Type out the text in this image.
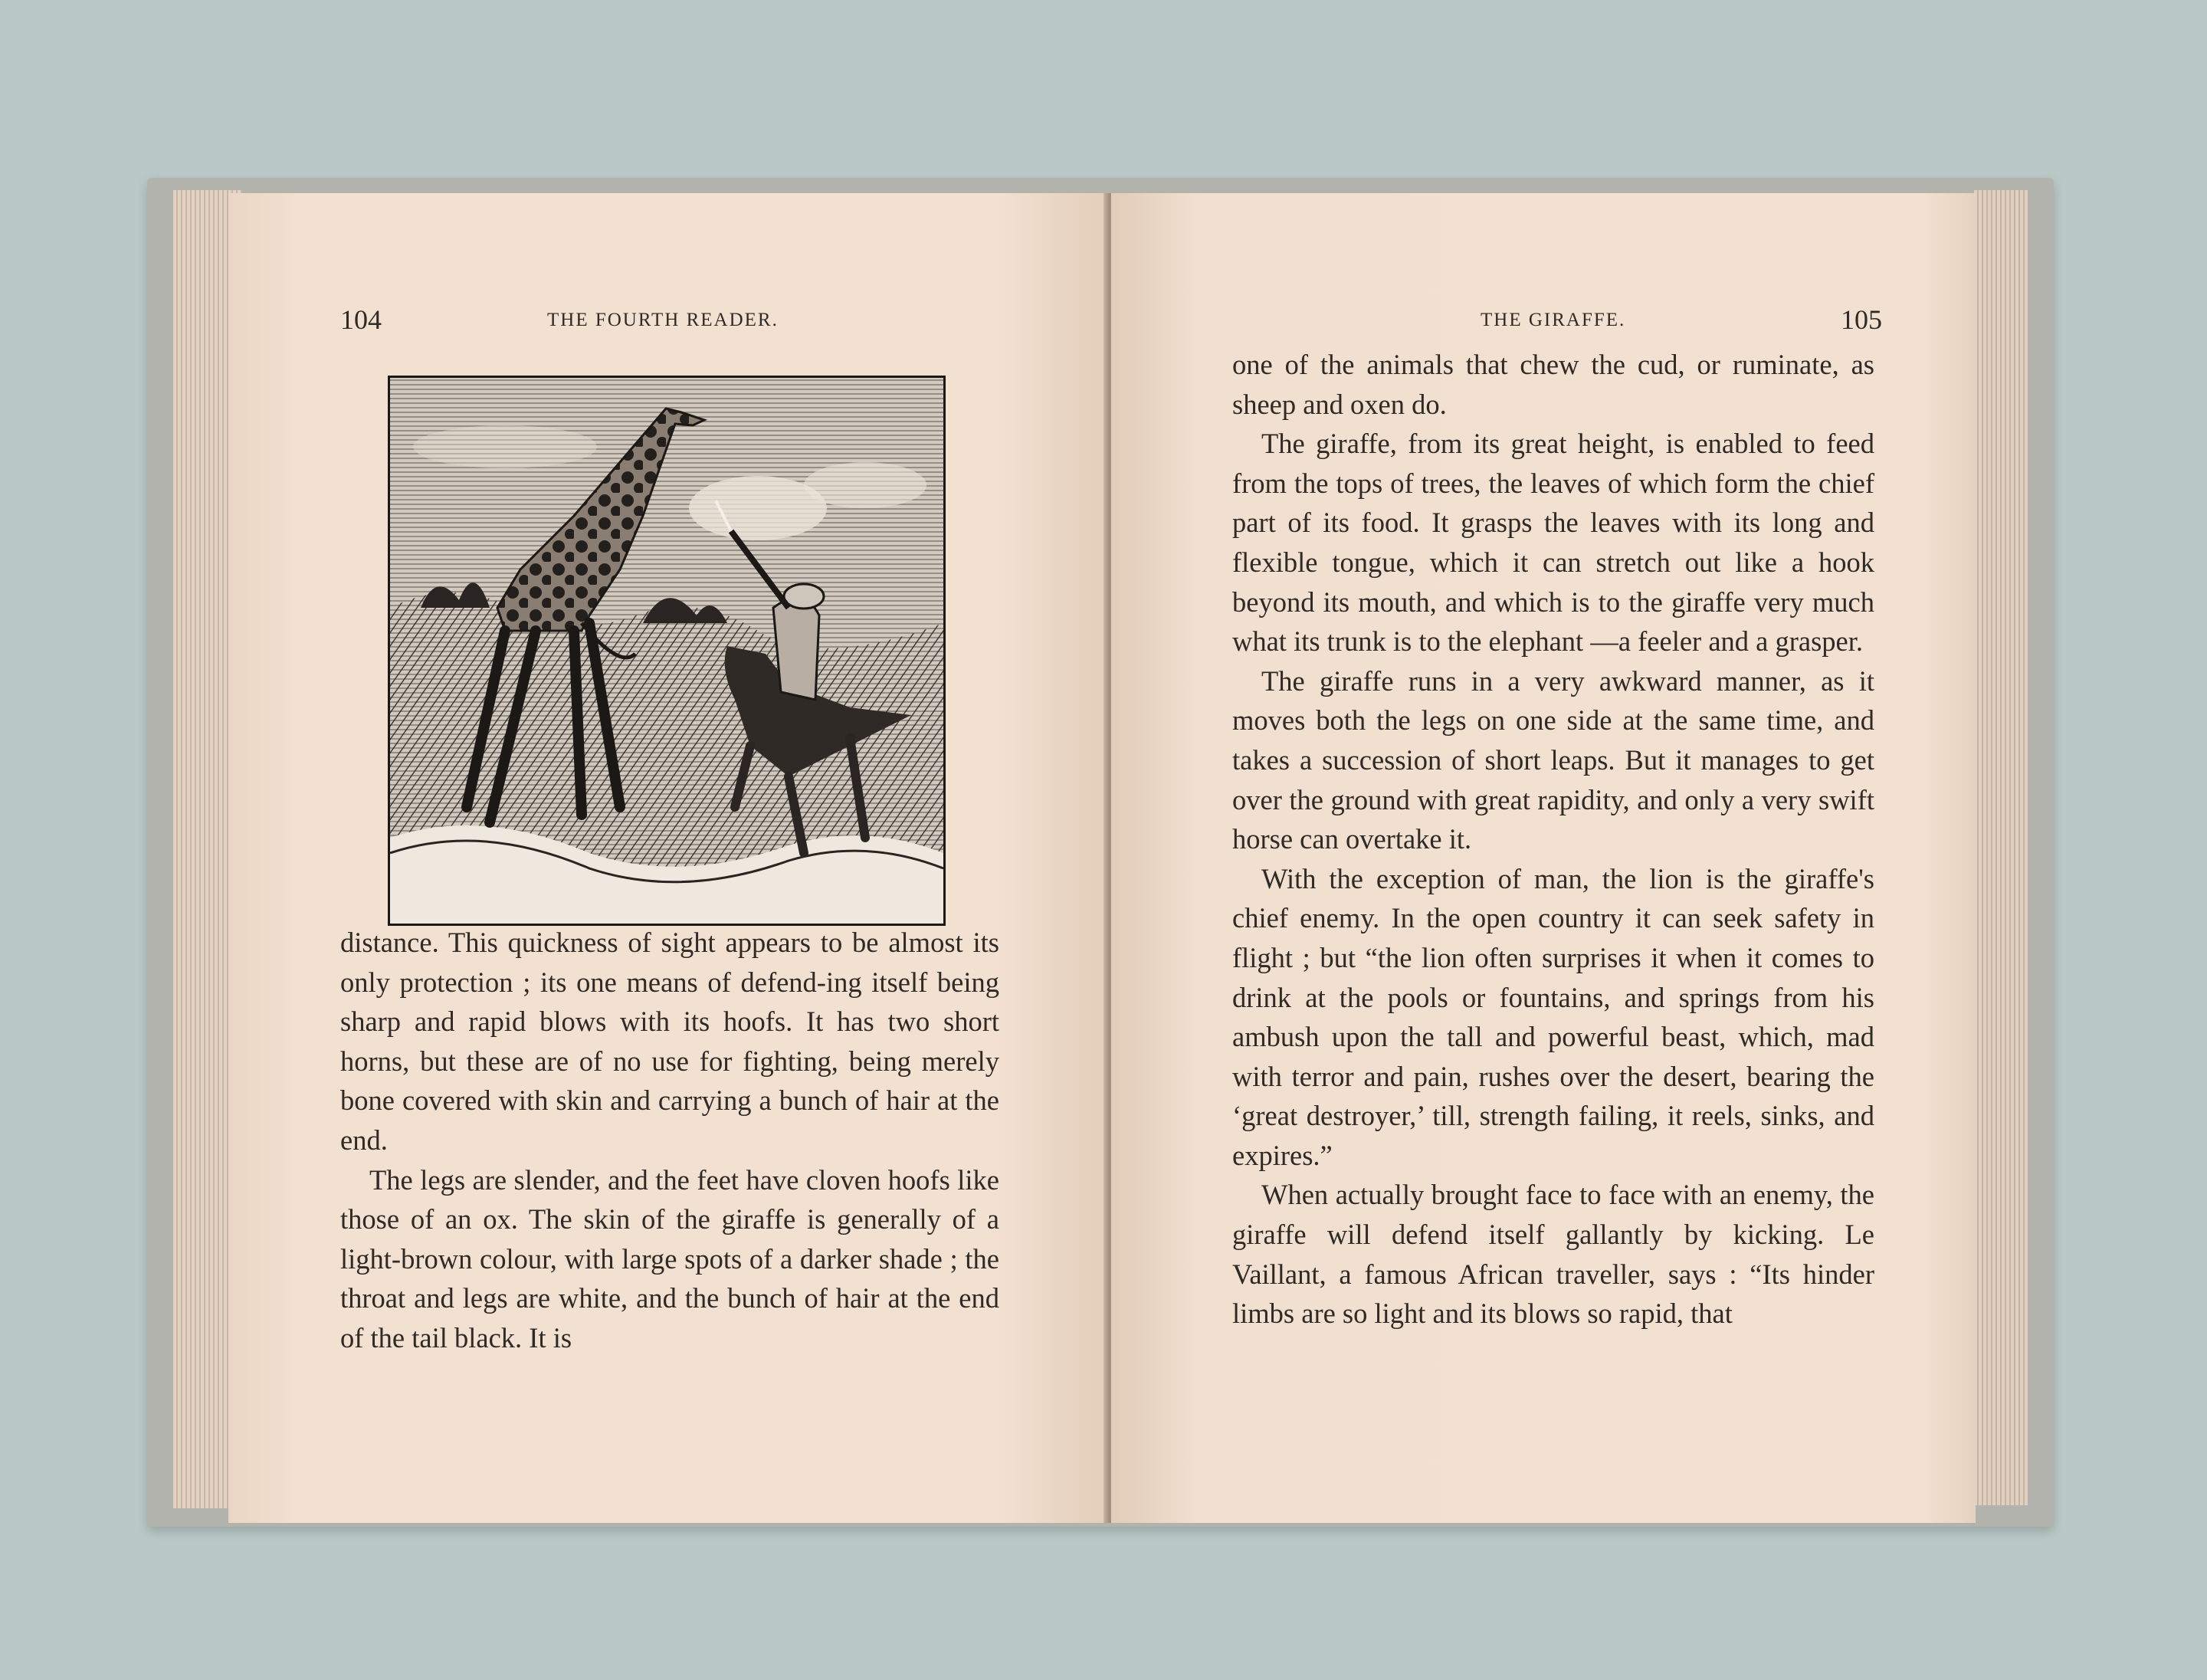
104	THE FOURTH READER.

distance. This quickness of sight appears to be almost its only protection ; its one means of defend-ing itself being sharp and rapid blows with its hoofs. It has two short horns, but these are of no use for fighting, being merely bone covered with skin and carrying a bunch of hair at the end.

The legs are slender, and the feet have cloven hoofs like those of an ox. The skin of the giraffe is generally of a light-brown colour, with large spots of a darker shade ; the throat and legs are white, and the bunch of hair at the end of the tail black. It is

THE GIRAFFE.	105

one of the animals that chew the cud, or ruminate, as sheep and oxen do.

The giraffe, from its great height, is enabled to feed from the tops of trees, the leaves of which form the chief part of its food. It grasps the leaves with its long and flexible tongue, which it can stretch out like a hook beyond its mouth, and which is to the giraffe very much what its trunk is to the elephant —a feeler and a grasper.

The giraffe runs in a very awkward manner, as it moves both the legs on one side at the same time, and takes a succession of short leaps. But it manages to get over the ground with great rapidity, and only a very swift horse can overtake it.

With the exception of man, the lion is the giraffe's chief enemy. In the open country it can seek safety in flight ; but “the lion often surprises it when it comes to drink at the pools or fountains, and springs from his ambush upon the tall and powerful beast, which, mad with terror and pain, rushes over the desert, bearing the ‘great destroyer,’ till, strength failing, it reels, sinks, and expires.”

When actually brought face to face with an enemy, the giraffe will defend itself gallantly by kicking. Le Vaillant, a famous African traveller, says : “Its hinder limbs are so light and its blows so rapid, that
